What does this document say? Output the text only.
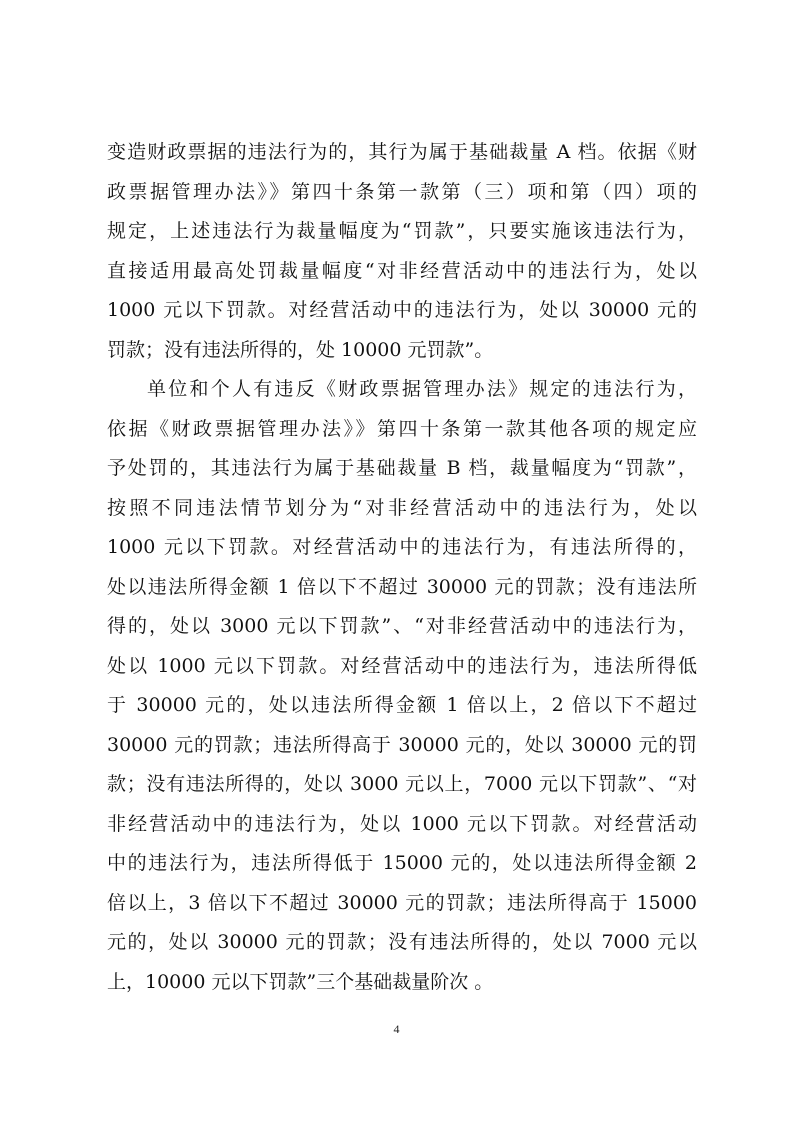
变造财政票据的违法行为的，其行为属于基础裁量 A 档。依据《财
政票据管理办法》》第四十条第一款第（三）项和第（四）项的
规定，上述违法行为裁量幅度为“罚款”，只要实施该违法行为，
直接适用最高处罚裁量幅度“对非经营活动中的违法行为，处以
1000 元以下罚款。对经营活动中的违法行为，处以 30000 元的
罚款；没有违法所得的，处 10000 元罚款”。
单位和个人有违反《财政票据管理办法》规定的违法行为，
依据《财政票据管理办法》》第四十条第一款其他各项的规定应
予处罚的，其违法行为属于基础裁量 B 档，裁量幅度为“罚款”，
按照不同违法情节划分为“对非经营活动中的违法行为，处以
1000 元以下罚款。对经营活动中的违法行为，有违法所得的，
处以违法所得金额 1 倍以下不超过 30000 元的罚款；没有违法所
得的，处以 3000 元以下罚款”、“对非经营活动中的违法行为，
处以 1000 元以下罚款。对经营活动中的违法行为，违法所得低
于 30000 元的，处以违法所得金额 1 倍以上，2 倍以下不超过
30000 元的罚款；违法所得高于 30000 元的，处以 30000 元的罚
款；没有违法所得的，处以 3000 元以上，7000 元以下罚款”、“对
非经营活动中的违法行为，处以 1000 元以下罚款。对经营活动
中的违法行为，违法所得低于 15000 元的，处以违法所得金额 2
倍以上，3 倍以下不超过 30000 元的罚款；违法所得高于 15000
元的，处以 30000 元的罚款；没有违法所得的，处以 7000 元以
上，10000 元以下罚款”三个基础裁量阶次 。
4
